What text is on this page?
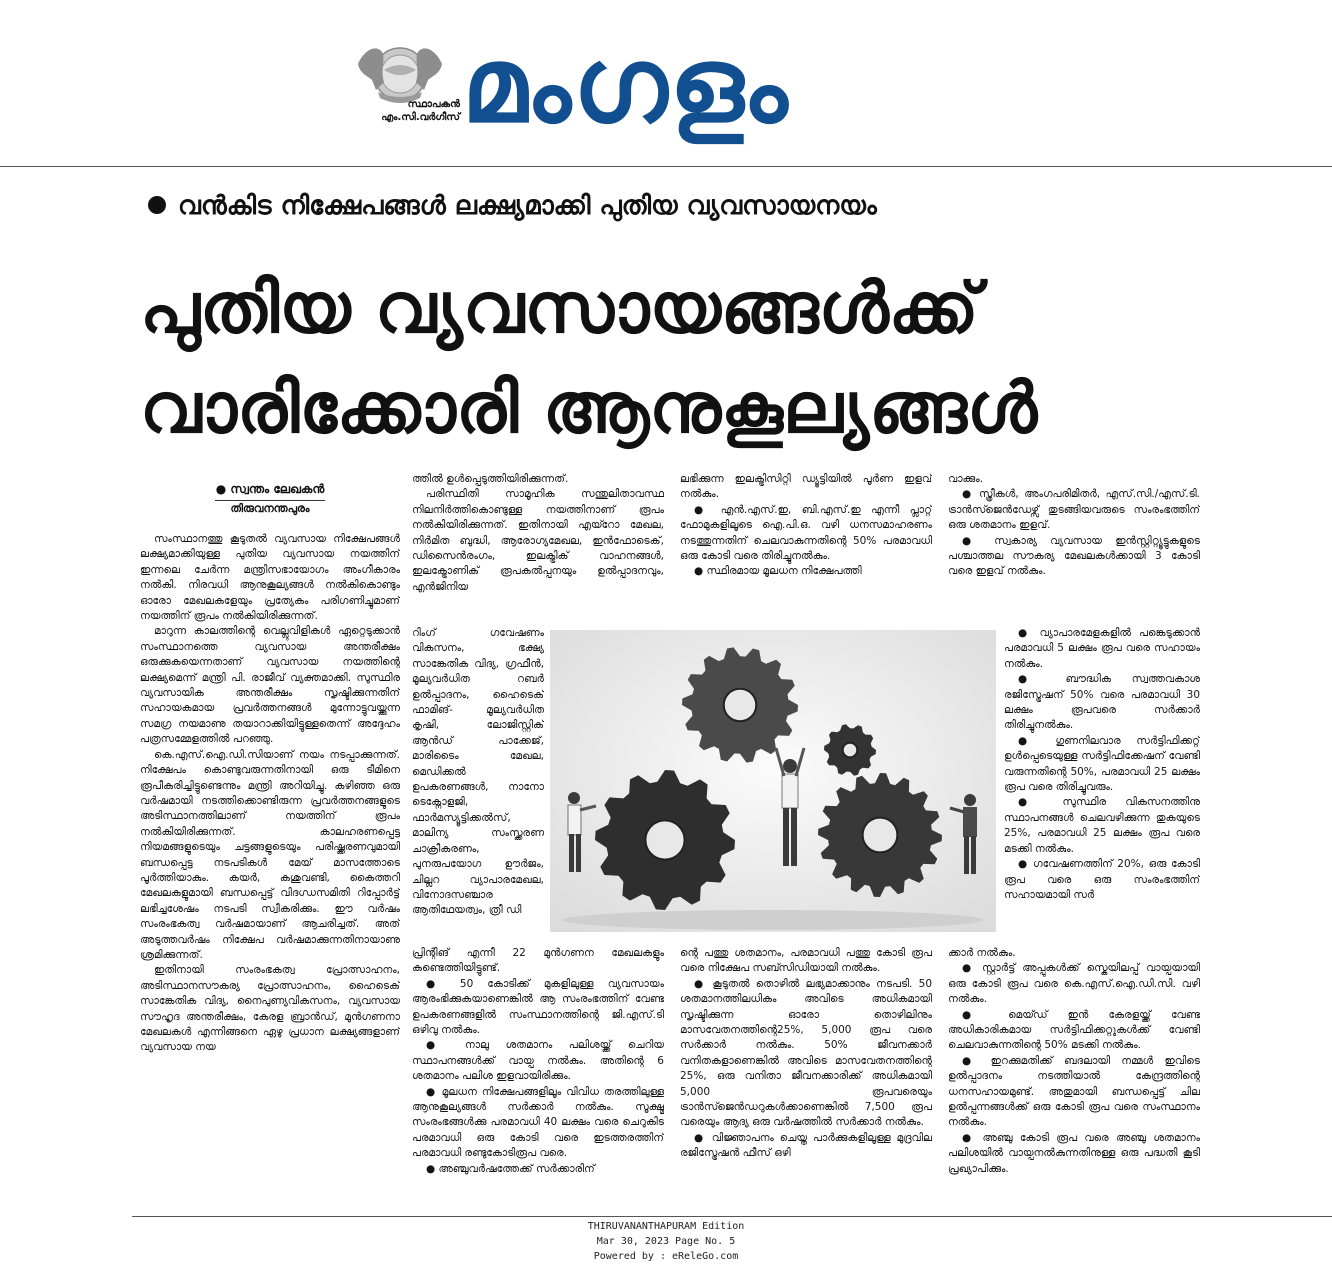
സ്ഥാപകൻ
എം.സി.വർഗീസ് മംഗളം
വൻകിട നിക്ഷേപങ്ങൾ ലക്ഷ്യമാക്കി പുതിയ വ്യവസായനയം
പുതിയ വ്യവസായങ്ങൾക്ക്
വാരിക്കോരി ആനുകൂല്യങ്ങൾ
● സ്വന്തം ലേഖകൻ
തിരുവനന്തപുരം

സംസ്ഥാനത്തു കൂടുതൽ വ്യവസായ നിക്ഷേപങ്ങൾ ലക്ഷ്യമാക്കിയുള്ള പുതിയ വ്യവസായ നയത്തിന് ഇന്നലെ ചേർന്ന മന്ത്രിസഭായോഗം അംഗീകാരം നൽകി. നിരവധി ആനുകൂല്യങ്ങൾ നൽകികൊണ്ടും ഓരോ മേഖലകളേയും പ്രത്യേകം പരിഗണിച്ചുമാണ് നയത്തിന് രൂപം നൽകിയിരിക്കുന്നത്.

മാറുന്ന കാലത്തിന്റെ വെല്ലുവിളികൾ ഏറ്റെടുക്കാൻ സംസ്ഥാനത്തെ വ്യവസായ അന്തരീക്ഷം ഒരുക്കുകയെന്നതാണ് വ്യവസായ നയത്തിന്റെ ലക്ഷ്യമെന്ന് മന്ത്രി പി. രാജീവ് വ്യക്തമാക്കി. സുസ്ഥിര വ്യവസായിക അന്തരീക്ഷം സൃഷ്ടിക്കുന്നതിന് സഹായകമായ പ്രവർത്തനങ്ങൾ മുന്നോട്ടുവയ്ക്കുന്ന സമഗ്ര നയമാണു തയാറാക്കിയിട്ടുള്ളതെന്ന് അദ്ദേഹം പത്രസമ്മേളത്തിൽ പറഞ്ഞു.

കെ.എസ്.ഐ.ഡി.സിയാണ് നയം നടപ്പാക്കുന്നത്. നിക്ഷേപം കൊണ്ടുവരുന്നതിനായി ഒരു ടീമിനെ രൂപീകരിച്ചിട്ടുണ്ടെന്നും മന്ത്രി അറിയിച്ചു. കഴിഞ്ഞ ഒരു വർഷമായി നടത്തിക്കൊണ്ടിരുന്ന പ്രവർത്തനങ്ങളുടെ അടിസ്ഥാനത്തിലാണ് നയത്തിന് രൂപം നൽകിയിരിക്കുന്നത്. കാലഹരണപ്പെട്ട നിയമങ്ങളുടെയും ചട്ടങ്ങളുടെയും പരിഷ്ക്കരണവുമായി ബന്ധപ്പെട്ട നടപടികൾ മേയ് മാസത്തോടെ പൂർത്തിയാകും. കയർ, കശുവണ്ടി, കൈത്തറി മേഖലകളുമായി ബന്ധപ്പെട്ട് വിദഗ്ധസമിതി റിപ്പോർട്ട് ലഭിച്ചശേഷം നടപടി സ്വീകരിക്കും. ഈ വർഷം സംരംഭകത്വ വർഷമായാണ് ആചരിച്ചത്. അത് അടുത്തവർഷം നിക്ഷേപ വർഷമാക്കുന്നതിനായാണു ശ്രമിക്കുന്നത്.

ഇതിനായി സംരംഭകത്വ പ്രോത്സാഹനം, അടിസ്ഥാനസൗകര്യ പ്രോത്സാഹനം, ഹൈടെക് സാങ്കേതിക വിദ്യ, നൈപുണ്യവികസനം, വ്യവസായ സൗഹൃദ അന്തരീക്ഷം, കേരള ബ്രാൻഡ്, മുൻഗണനാ മേഖലകൾ എന്നിങ്ങനെ ഏഴു പ്രധാന ലക്ഷ്യങ്ങളാണ് വ്യവസായ നയ

ത്തിൽ ഉൾപ്പെടുത്തിയിരിക്കുന്നത്.

പരിസ്ഥിതി സാമൂഹിക സന്തുലിതാവസ്ഥ നിലനിർത്തികൊണ്ടുള്ള നയത്തിനാണ് രൂപം നൽകിയിരിക്കുന്നത്. ഇതിനായി എയ്റോ മേഖല, നിർമിത ബുദ്ധി, ആരോഗ്യമേഖല, ഇൻഫോടെക്, ഡിസൈൻരംഗം, ഇലക്ട്രിക് വാഹനങ്ങൾ, ഇലക്ട്രോണിക് രൂപകൽപ്പനയും ഉൽപ്പാദനവും, എൻജിനിയ

റിംഗ് ഗവേഷണം വികസനം, ഭക്ഷ്യ സാങ്കേതിക വിദ്യ, ഗ്രഫീൻ, മൂല്യവർധിത റബർ ഉൽപ്പാദനം, ഹൈടെക് ഫാമിങ്- മൂല്യവർധിത കൃഷി, ലോജിസ്റ്റിക് ആൻഡ് പാക്കേജ്, മാരിടൈം മേഖല, മെഡിക്കൽ ഉപകരണങ്ങൾ, നാനോ ടെക്നോളജി, ഫാർമസ്യൂട്ടിക്കൽസ്, മാലിന്യ സംസ്ക്കരണ ചാക്രീകരണം, പുനരുപയോഗ ഊർജം, ചില്ലറ വ്യാപാരമേഖല, വിനോദസഞ്ചാര ആതിഥേയത്വം, ത്രീ ഡി

പ്രിന്റിങ് എന്നീ 22 മുൻഗണന മേഖലകളും കണ്ടെത്തിയിട്ടുണ്ട്.

● 50 കോടിക്ക് മുകളിലുള്ള വ്യവസായം ആരംഭിക്കുകയാണെങ്കിൽ ആ സംരംഭത്തിന് വേണ്ട ഉപകരണങ്ങളിൽ സംസ്ഥാനത്തിന്റെ ജി.എസ്.ടി ഒഴിവു നൽകും.

● നാലു ശതമാനം പലിശയ്ക്ക് ചെറിയ സ്ഥാപനങ്ങൾക്ക് വായ്പ നൽകും. അതിന്റെ 6 ശതമാനം പലിശ ഇളവായിരിക്കും.

● മൂലധന നിക്ഷേപങ്ങളിലൂം വിവിധ തരത്തിലുള്ള ആനുകൂല്യങ്ങൾ സർക്കാർ നൽകും. സൂക്ഷ്മ സംരംഭങ്ങൾക്കു പരമാവധി 40 ലക്ഷം വരെ ചെറുകിട പരമാവധി ഒരു കോടി വരെ ഇടത്തരത്തിന് പരമാവധി രണ്ടുകോടിരൂപ വരെ.

● അഞ്ചുവർഷത്തേക്ക് സർക്കാരിന്

ലഭിക്കുന്ന ഇലക്ട്രിസിറ്റി ഡ്യൂട്ടിയിൽ പൂർണ ഇളവ് നൽകും.

● എൻ.എസ്.ഇ, ബി.എസ്.ഇ എന്നീ പ്ലാറ്റ് ഫോമുകളിലൂടെ ഐ.പി.ഒ. വഴി ധനസമാഹരണം നടത്തുന്നതിന് ചെലവാകുന്നതിന്റെ 50% പരമാവധി ഒരു കോടി വരെ തിരിച്ചുനൽകും.

● സ്ഥിരമായ മൂലധന നിക്ഷേപത്തി

ന്റെ പത്തു ശതമാനം, പരമാവധി പത്തു കോടി രൂപ വരെ നിക്ഷേപ സബ്സിഡിയായി നൽകും.

● കൂടുതൽ തൊഴിൽ ലഭ്യമാക്കാനും നടപടി. 50 ശതമാനത്തിലധികം അവിടെ അധികമായി സൃഷ്ടിക്കുന്ന ഓരോ തൊഴിലിനും മാസവേതനത്തിന്റെ25%, 5,000 രൂപ വരെ സർക്കാർ നൽകും. 50% ജീവനക്കാർ വനിതകളാണെങ്കിൽ അവിടെ മാസവേതനത്തിന്റെ 25%, ഒരു വനിതാ ജീവനക്കാരിക്ക് അധികമായി 5,000 രൂപവരെയും ട്രാൻസ്ജെൻഡറുകൾക്കാണെങ്കിൽ 7,500 രൂപ വരെയും ആദ്യ ഒരു വർഷത്തിൽ സർക്കാർ നൽകും.

● വിജ്ഞാപനം ചെയ്ത പാർക്കുകളിലൂള്ള മുദ്രവില രജിസ്ട്രേഷൻ ഫീസ് ഒഴി

വാക്കും.

● സ്ത്രീകൾ, അംഗപരിമിതർ, എസ്.സി./എസ്.ടി. ട്രാൻസ്ജെൻഡേഴ്സ് തുടങ്ങിയവരുടെ സംരംഭത്തിന് ഒരു ശതമാനം ഇളവ്.

● സ്വകാര്യ വ്യവസായ ഇൻസ്റ്റിറ്റ്യൂട്ടുകളുടെ പശ്ചാത്തല സൗകര്യ മേഖലകൾക്കായി 3 കോടി വരെ ഇളവ് നൽകും.

● വ്യാപാരമേളകളിൽ പങ്കെടുക്കാൻ പരമാവധി 5 ലക്ഷം രൂപ വരെ സഹായം നൽകും.

● ബൗദ്ധിക സ്വത്തവകാശ രജിസ്ട്രേഷന് 50% വരെ പരമാവധി 30 ലക്ഷം രൂപവരെ സർക്കാർ തിരിച്ചുനൽകും.

● ഗുണനിലവാര സർട്ടിഫിക്കറ്റ് ഉൾപ്പെടെയുള്ള സർട്ടിഫിക്കേഷന് വേണ്ടി വരുന്നതിന്റെ 50%, പരമാവധി 25 ലക്ഷം രൂപ വരെ തിരിച്ചുവരും.

● സുസ്ഥിര വികസനത്തിനു സ്ഥാപനങ്ങൾ ചെലവഴിക്കുന്ന തുകയുടെ 25%, പരമാവധി 25 ലക്ഷം രൂപ വരെ മടക്കി നൽകും.

● ഗവേഷണത്തിന് 20%, ഒരു കോടി രൂപ വരെ ഒരു സംരംഭത്തിന് സഹായമായി സർ

ക്കാർ നൽകും.

● സ്റ്റാർട്ട് അപ്പുകൾക്ക് സ്കെയിലപ്പ് വായ്പയായി ഒരു കോടി രൂപ വരെ കെ.എസ്.ഐ.ഡി.സി. വഴി നൽകും.

● മെയ്ഡ് ഇൻ കേരളയ്ക്ക് വേണ്ട അധികാരികമായ സർട്ടിഫിക്കറ്റുകൾക്ക് വേണ്ടി ചെലവാകുന്നതിന്റെ 50% മടക്കി നൽകും.

● ഇറക്കുമതിക്ക് ബദലായി നമ്മൾ ഇവിടെ ഉൽപ്പാദനം നടത്തിയാൽ കേന്ദ്രത്തിന്റെ ധനസഹായമുണ്ട്. അതുമായി ബന്ധപ്പെട്ട് ചില ഉൽപ്പന്നങ്ങൾക്ക് ഒരു കോടി രൂപ വരെ സംസ്ഥാനം നൽകും.

● അഞ്ചു കോടി രൂപ വരെ അഞ്ചു ശതമാനം പലിശയിൽ വായ്പനൽകുന്നതിനുള്ള ഒരു പദ്ധതി കൂടി പ്രഖ്യാപിക്കും.

THIRUVANANTHAPURAM Edition
Mar 30, 2023 Page No. 5
Powered by : eReleGo.com
